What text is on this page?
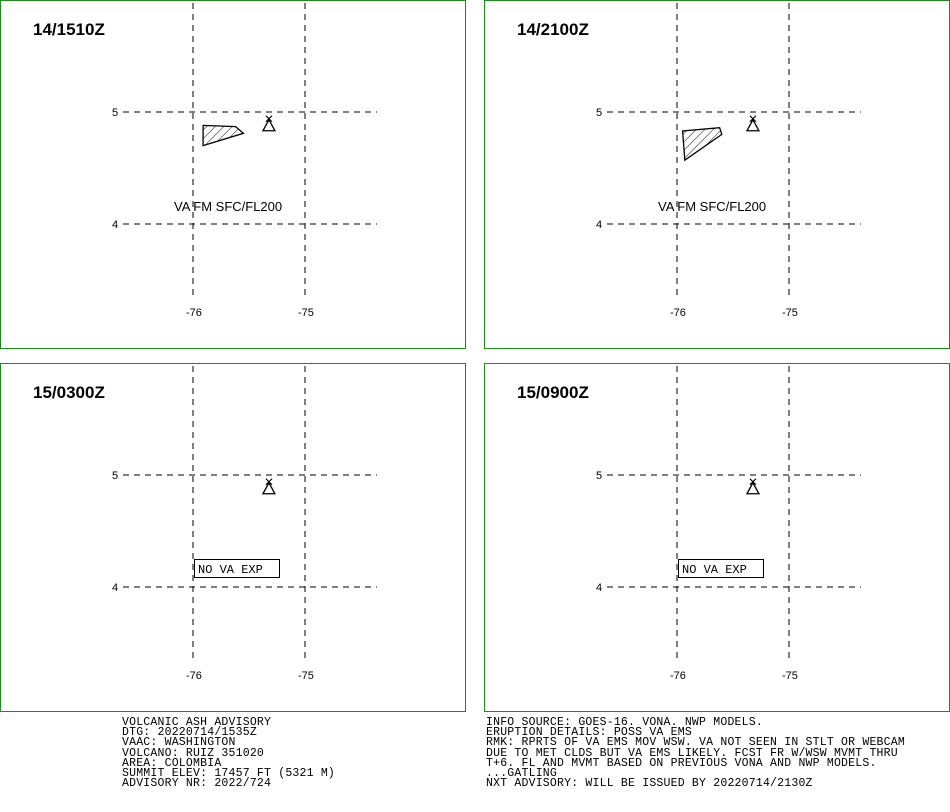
14/1510Z
5
4
-76	-75
VA FM SFC/FL200
14/2100Z
5
4
-76	-75
VA FM SFC/FL200
15/0300Z
5
4
-76	-75
NO VA EXP
15/0900Z
5
4
-76	-75
NO VA EXP
VOLCANIC ASH ADVISORY
DTG: 20220714/1535Z
VAAC: WASHINGTON
VOLCANO: RUIZ 351020
AREA: COLOMBIA
SUMMIT ELEV: 17457 FT (5321 M)
ADVISORY NR: 2022/724
INFO SOURCE: GOES-16. VONA. NWP MODELS.
ERUPTION DETAILS: POSS VA EMS
RMK: RPRTS OF VA EMS MOV WSW. VA NOT SEEN IN STLT OR WEBCAM
DUE TO MET CLDS BUT VA EMS LIKELY. FCST FR W/WSW MVMT THRU
T+6. FL AND MVMT BASED ON PREVIOUS VONA AND NWP MODELS.
...GATLING
NXT ADVISORY: WILL BE ISSUED BY 20220714/2130Z
